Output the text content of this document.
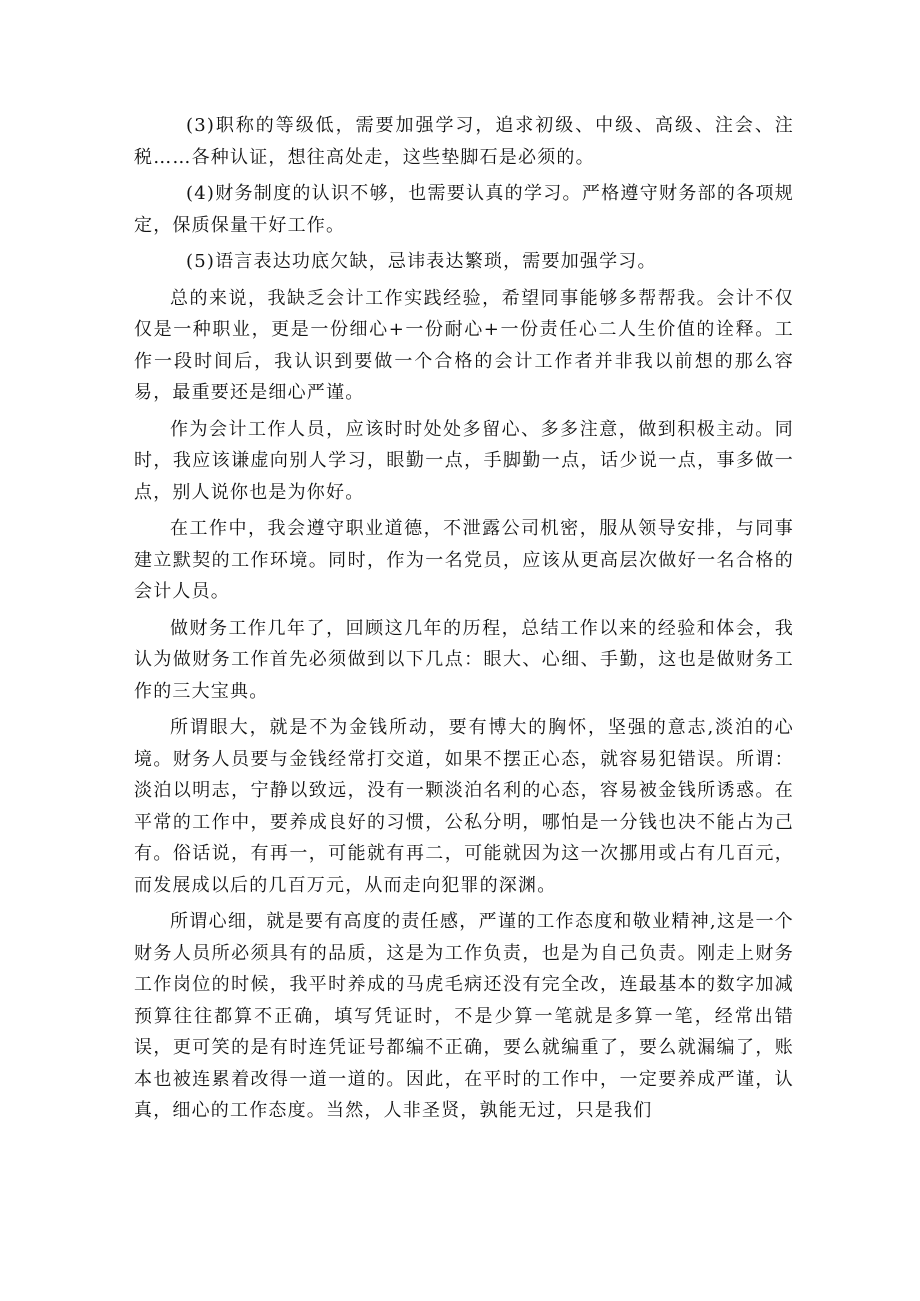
(3)职称的等级低，需要加强学习，追求初级、中级、高级、注会、注税……各种认证，想往高处走，这些垫脚石是必须的。

(4)财务制度的认识不够，也需要认真的学习。严格遵守财务部的各项规定，保质保量干好工作。

(5)语言表达功底欠缺，忌讳表达繁琐，需要加强学习。

总的来说，我缺乏会计工作实践经验，希望同事能够多帮帮我。会计不仅仅是一种职业，更是一份细心+一份耐心+一份责任心二人生价值的诠释。工作一段时间后，我认识到要做一个合格的会计工作者并非我以前想的那么容易，最重要还是细心严谨。

作为会计工作人员，应该时时处处多留心、多多注意，做到积极主动。同时，我应该谦虚向别人学习，眼勤一点，手脚勤一点，话少说一点，事多做一点，别人说你也是为你好。

在工作中，我会遵守职业道德，不泄露公司机密，服从领导安排，与同事建立默契的工作环境。同时，作为一名党员，应该从更高层次做好一名合格的会计人员。

做财务工作几年了，回顾这几年的历程，总结工作以来的经验和体会，我认为做财务工作首先必须做到以下几点：眼大、心细、手勤，这也是做财务工作的三大宝典。

所谓眼大，就是不为金钱所动，要有博大的胸怀，坚强的意志,淡泊的心境。财务人员要与金钱经常打交道，如果不摆正心态，就容易犯错误。所谓：淡泊以明志，宁静以致远，没有一颗淡泊名利的心态，容易被金钱所诱惑。在平常的工作中，要养成良好的习惯，公私分明，哪怕是一分钱也决不能占为己有。俗话说，有再一，可能就有再二，可能就因为这一次挪用或占有几百元，而发展成以后的几百万元，从而走向犯罪的深渊。

所谓心细，就是要有高度的责任感，严谨的工作态度和敬业精神,这是一个财务人员所必须具有的品质，这是为工作负责，也是为自己负责。刚走上财务工作岗位的时候，我平时养成的马虎毛病还没有完全改，连最基本的数字加减预算往往都算不正确，填写凭证时，不是少算一笔就是多算一笔，经常出错误，更可笑的是有时连凭证号都编不正确，要么就编重了，要么就漏编了，账本也被连累着改得一道一道的。因此，在平时的工作中，一定要养成严谨，认真，细心的工作态度。当然，人非圣贤，孰能无过，只是我们
